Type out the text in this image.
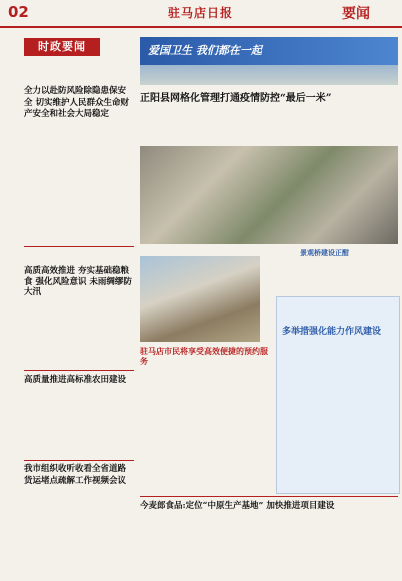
02	驻马店日报	要闻
时政要闻
全力以赴防风险除隐患保安全 切实维护人民群众生命财产安全和社会大局稳定
高质高效推进 夯实基础稳粮食 强化风险意识 未雨绸缪防大汛
高质量推进高标准农田建设
我市组织收听收看全省道路货运堵点疏解工作视频会议
爱国卫生 我们都在一起
正阳县网格化管理打通疫情防控“最后一米”
景观桥建设正酣
驻马店市民将享受高效便捷的预约服务
多举措强化能力作风建设
今麦郎食品:定位“中原生产基地” 加快推进项目建设
